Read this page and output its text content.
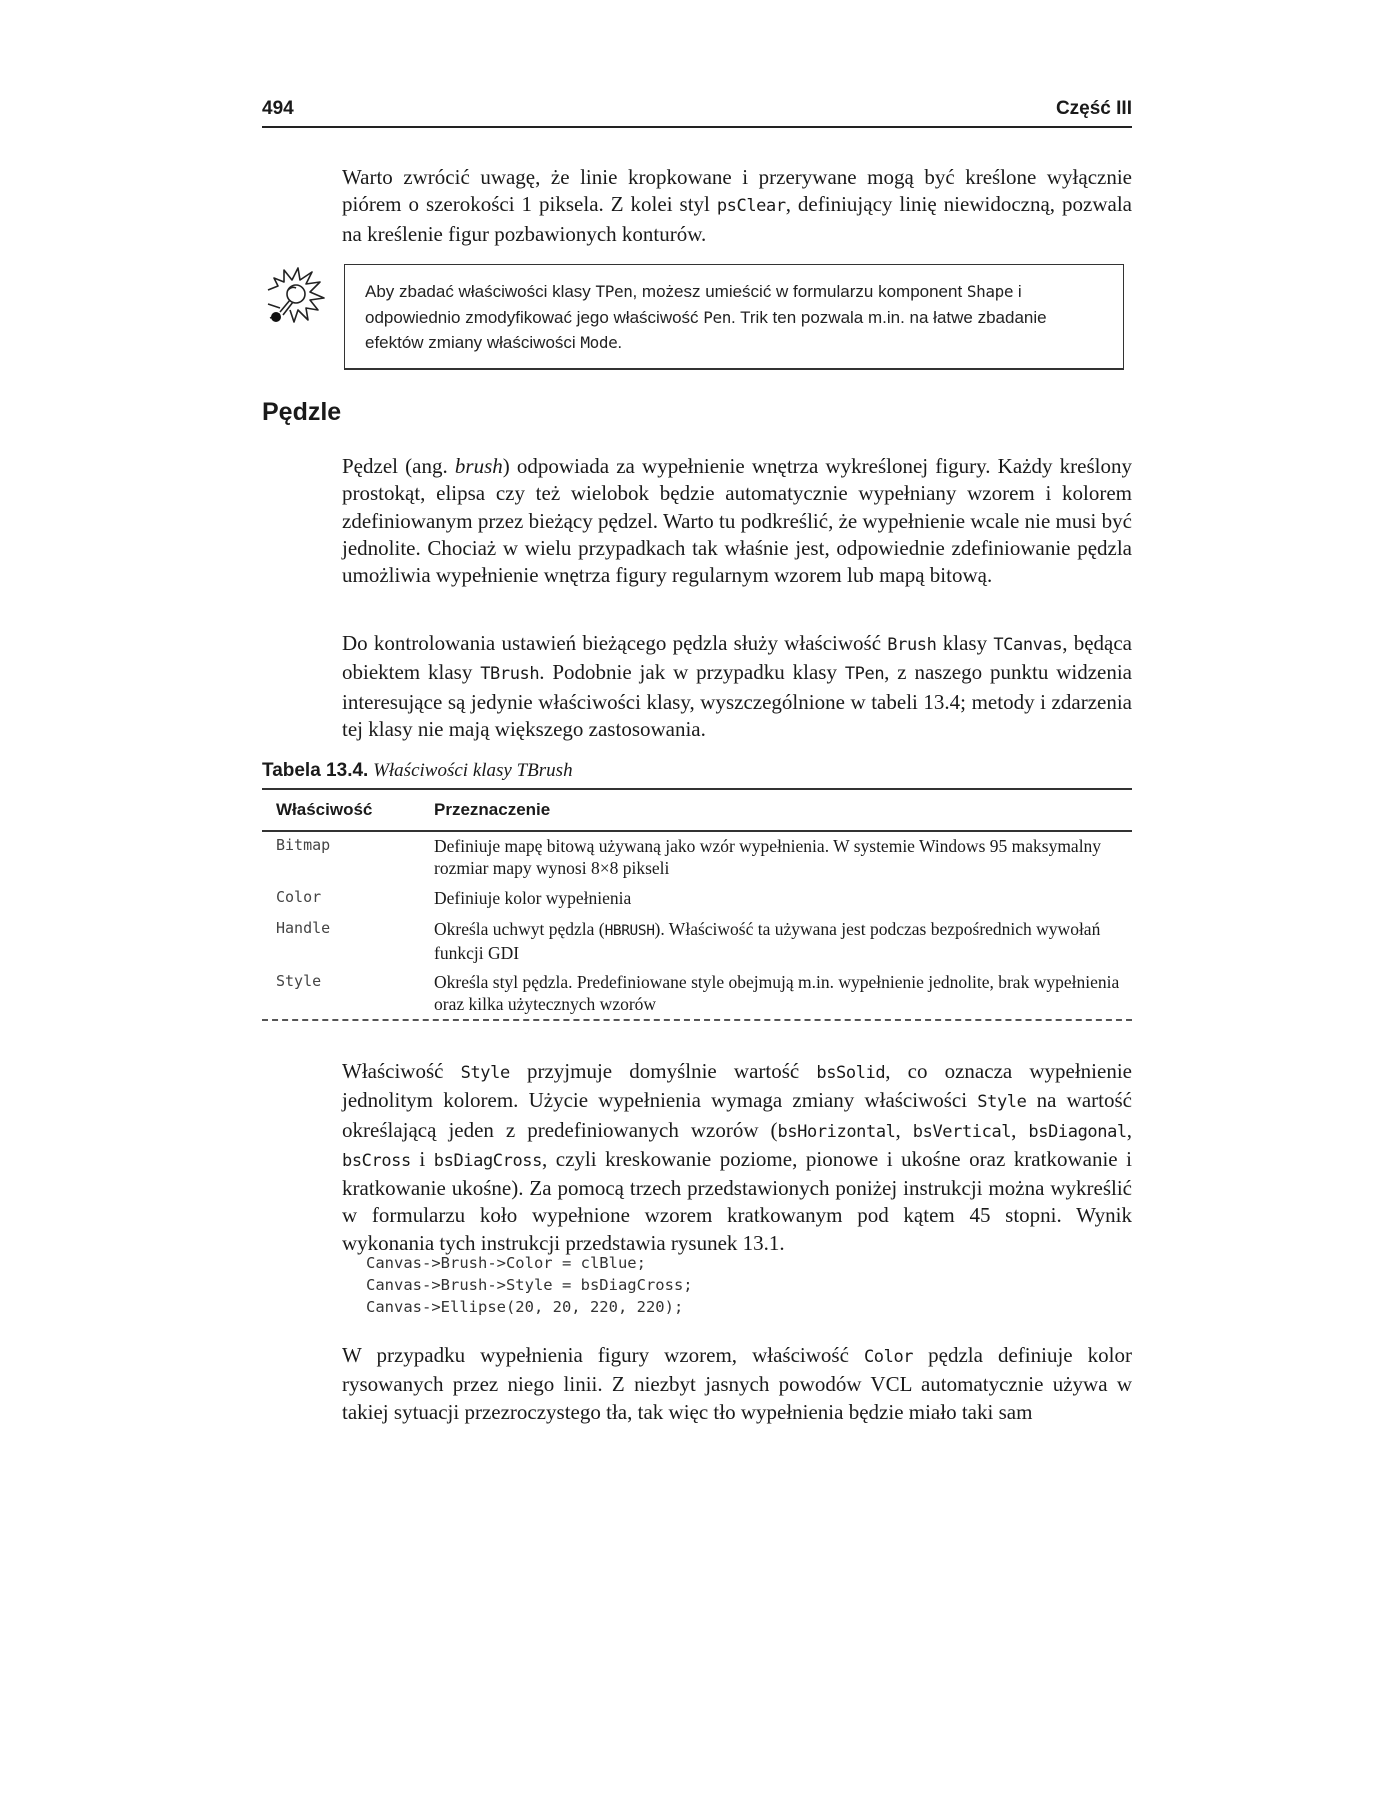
494	Część III

Warto zwrócić uwagę, że linie kropkowane i przerywane mogą być kreślone wyłącznie piórem o szerokości 1 piksela. Z kolei styl psClear, definiujący linię niewidoczną, pozwala na kreślenie figur pozbawionych konturów.

Aby zbadać właściwości klasy TPen, możesz umieścić w formularzu komponent Shape i odpowiednio zmodyfikować jego właściwość Pen. Trik ten pozwala m.in. na łatwe zbadanie efektów zmiany właściwości Mode.

Pędzle

Pędzel (ang. brush) odpowiada za wypełnienie wnętrza wykreślonej figury. Każdy kreślony prostokąt, elipsa czy też wielobok będzie automatycznie wypełniany wzorem i kolorem zdefiniowanym przez bieżący pędzel. Warto tu podkreślić, że wypełnienie wcale nie musi być jednolite. Chociaż w wielu przypadkach tak właśnie jest, odpowiednie zdefiniowanie pędzla umożliwia wypełnienie wnętrza figury regularnym wzorem lub mapą bitową.

Do kontrolowania ustawień bieżącego pędzla służy właściwość Brush klasy TCanvas, będąca obiektem klasy TBrush. Podobnie jak w przypadku klasy TPen, z naszego punktu widzenia interesujące są jedynie właściwości klasy, wyszczególnione w tabeli 13.4; metody i zdarzenia tej klasy nie mają większego zastosowania.

Tabela 13.4. Właściwości klasy TBrush

Właściwość	Przeznaczenie
Bitmap	Definiuje mapę bitową używaną jako wzór wypełnienia. W systemie Windows 95 maksymalny rozmiar mapy wynosi 8×8 pikseli
Color	Definiuje kolor wypełnienia
Handle	Określa uchwyt pędzla (HBRUSH). Właściwość ta używana jest podczas bezpośrednich wywołań funkcji GDI
Style	Określa styl pędzla. Predefiniowane style obejmują m.in. wypełnienie jednolite, brak wypełnienia oraz kilka użytecznych wzorów

Właściwość Style przyjmuje domyślnie wartość bsSolid, co oznacza wypełnienie jednolitym kolorem. Użycie wypełnienia wymaga zmiany właściwości Style na wartość określającą jeden z predefiniowanych wzorów (bsHorizontal, bsVertical, bsDiagonal, bsCross i bsDiagCross, czyli kreskowanie poziome, pionowe i ukośne oraz kratkowanie i kratkowanie ukośne). Za pomocą trzech przedstawionych poniżej instrukcji można wykreślić w formularzu koło wypełnione wzorem kratkowanym pod kątem 45 stopni. Wynik wykonania tych instrukcji przedstawia rysunek 13.1.

Canvas->Brush->Color = clBlue;
Canvas->Brush->Style = bsDiagCross;
Canvas->Ellipse(20, 20, 220, 220);

W przypadku wypełnienia figury wzorem, właściwość Color pędzla definiuje kolor rysowanych przez niego linii. Z niezbyt jasnych powodów VCL automatycznie używa w takiej sytuacji przezroczystego tła, tak więc tło wypełnienia będzie miało taki sam
